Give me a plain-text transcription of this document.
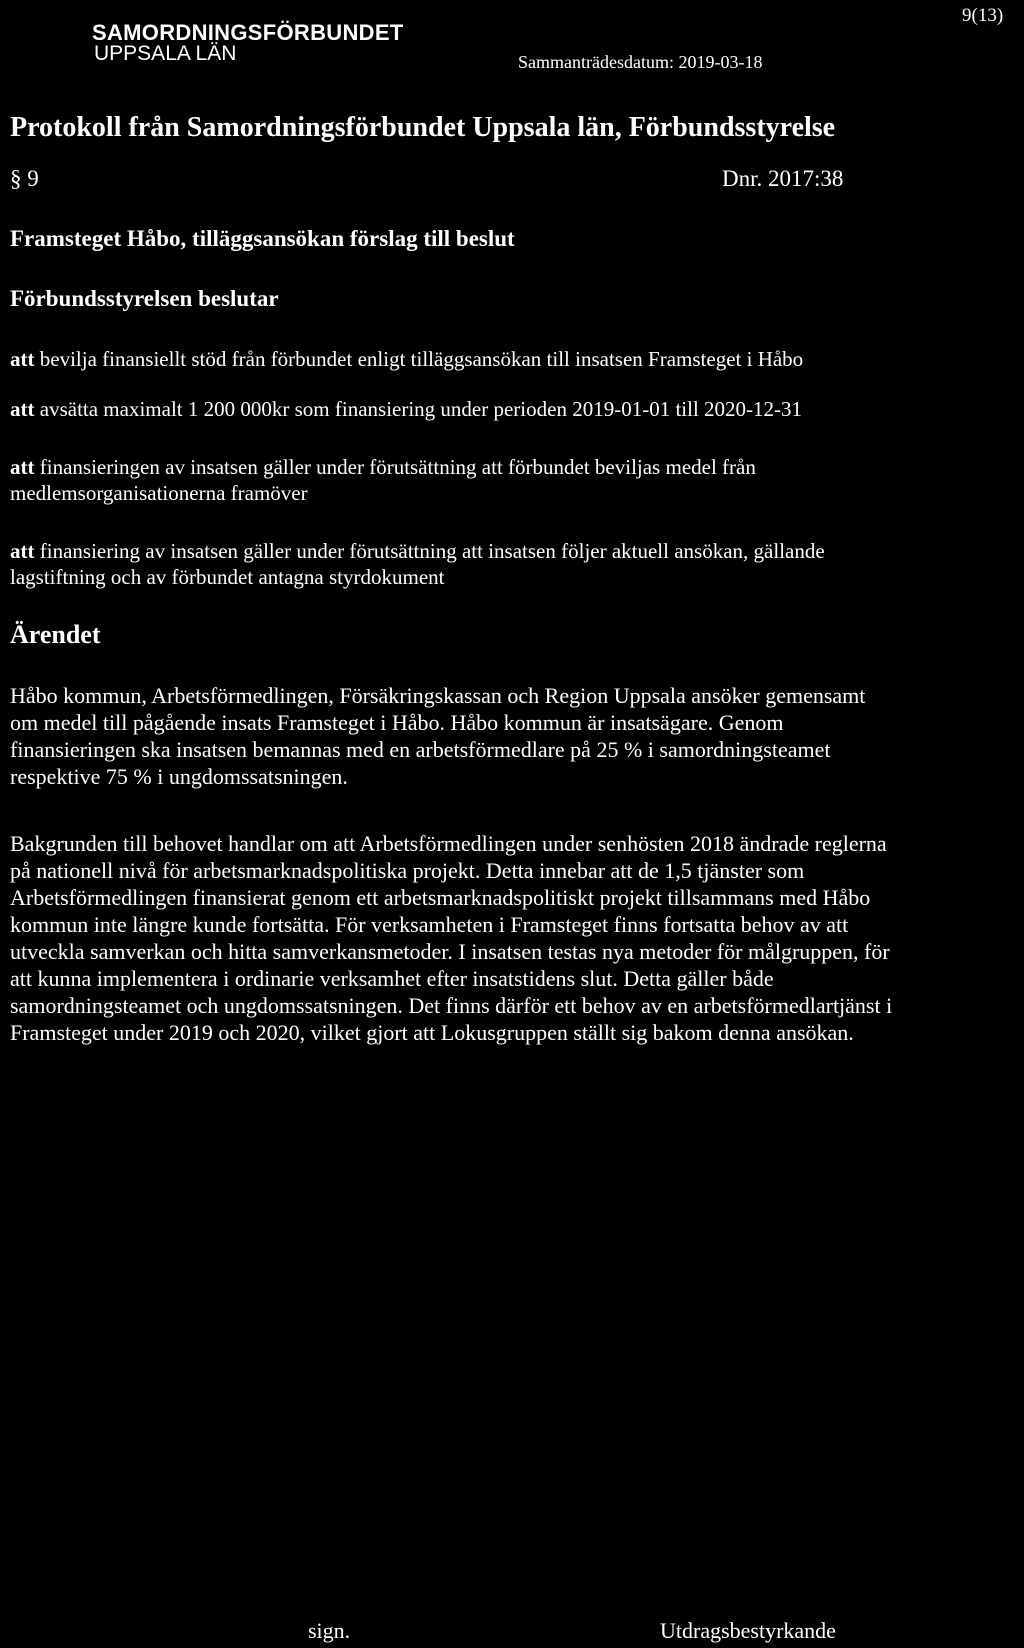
SAMORDNINGSFÖRBUNDET
UPPSALA LÄN	Sammanträdesdatum: 2019-03-18
9(13)
Protokoll från Samordningsförbundet Uppsala län, Förbundsstyrelse
§ 9	Dnr. 2017:38
Framsteget Håbo, tilläggsansökan förslag till beslut
Förbundsstyrelsen beslutar
att bevilja finansiellt stöd från förbundet enligt tilläggsansökan till insatsen Framsteget i Håbo
att avsätta maximalt 1 200 000kr som finansiering under perioden 2019-01-01 till 2020-12-31
att finansieringen av insatsen gäller under förutsättning att förbundet beviljas medel från
medlemsorganisationerna framöver
att finansiering av insatsen gäller under förutsättning att insatsen följer aktuell ansökan, gällande
lagstiftning och av förbundet antagna styrdokument
Ärendet
Håbo kommun, Arbetsförmedlingen, Försäkringskassan och Region Uppsala ansöker gemensamt
om medel till pågående insats Framsteget i Håbo. Håbo kommun är insatsägare. Genom
finansieringen ska insatsen bemannas med en arbetsförmedlare på 25 % i samordningsteamet
respektive 75 % i ungdomssatsningen.
Bakgrunden till behovet handlar om att Arbetsförmedlingen under senhösten 2018 ändrade reglerna
på nationell nivå för arbetsmarknadspolitiska projekt. Detta innebar att de 1,5 tjänster som
Arbetsförmedlingen finansierat genom ett arbetsmarknadspolitiskt projekt tillsammans med Håbo
kommun inte längre kunde fortsätta. För verksamheten i Framsteget finns fortsatta behov av att
utveckla samverkan och hitta samverkansmetoder. I insatsen testas nya metoder för målgruppen, för
att kunna implementera i ordinarie verksamhet efter insatstidens slut. Detta gäller både
samordningsteamet och ungdomssatsningen. Det finns därför ett behov av en arbetsförmedlartjänst i
Framsteget under 2019 och 2020, vilket gjort att Lokusgruppen ställt sig bakom denna ansökan.
sign.	Utdragsbestyrkande
